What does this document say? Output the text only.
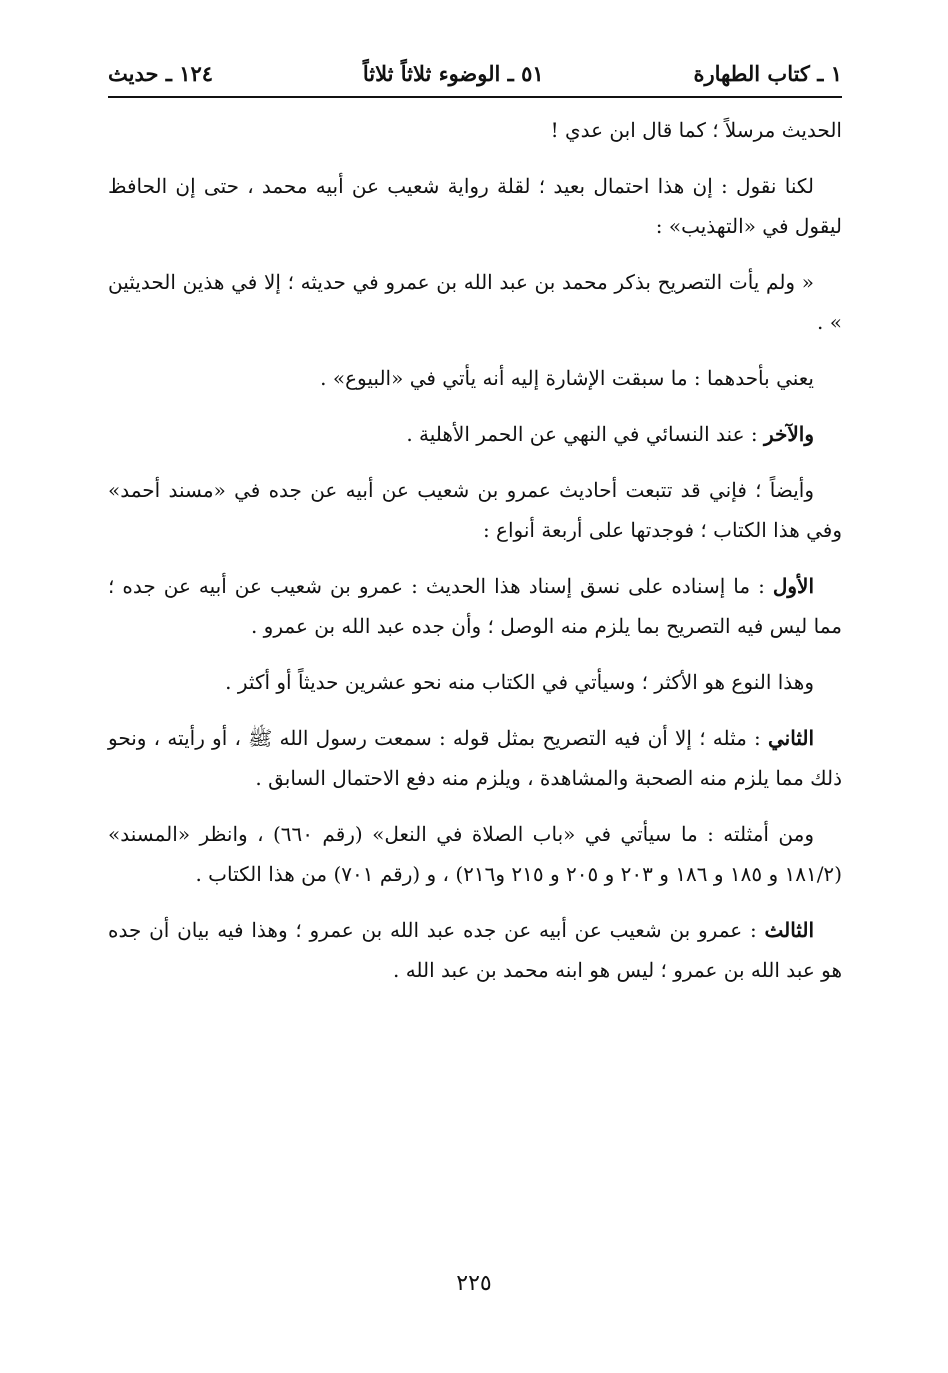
١ ـ كتاب الطهارة
٥١ ـ الوضوء ثلاثاً ثلاثاً
١٢٤ ـ حديث

الحديث مرسلاً ؛ كما قال ابن عدي !

لكنا نقول : إن هذا احتمال بعيد ؛ لقلة رواية شعيب عن أبيه محمد ، حتى إن الحافظ ليقول في «التهذيب» :

« ولم يأت التصريح بذكر محمد بن عبد الله بن عمرو في حديثه ؛ إلا في هذين الحديثين » .

يعني بأحدهما : ما سبقت الإشارة إليه أنه يأتي في «البيوع» .

والآخر : عند النسائي في النهي عن الحمر الأهلية .

وأيضاً ؛ فإني قد تتبعت أحاديث عمرو بن شعيب عن أبيه عن جده في «مسند أحمد» وفي هذا الكتاب ؛ فوجدتها على أربعة أنواع :

الأول : ما إسناده على نسق إسناد هذا الحديث : عمرو بن شعيب عن أبيه عن جده ؛ مما ليس فيه التصريح بما يلزم منه الوصل ؛ وأن جده عبد الله بن عمرو .

وهذا النوع هو الأكثر ؛ وسيأتي في الكتاب منه نحو عشرين حديثاً أو أكثر .

الثاني : مثله ؛ إلا أن فيه التصريح بمثل قوله : سمعت رسول الله ﷺ ، أو رأيته ، ونحو ذلك مما يلزم منه الصحبة والمشاهدة ، ويلزم منه دفع الاحتمال السابق .

ومن أمثلته : ما سيأتي في «باب الصلاة في النعل» (رقم ٦٦٠) ، وانظر «المسند» (١٨١/٢ و ١٨٥ و ١٨٦ و ٢٠٣ و ٢٠٥ و ٢١٥ و٢١٦) ، و (رقم ٧٠١) من هذا الكتاب .

الثالث : عمرو بن شعيب عن أبيه عن جده عبد الله بن عمرو ؛ وهذا فيه بيان أن جده هو عبد الله بن عمرو ؛ ليس هو ابنه محمد بن عبد الله .

٢٢٥
